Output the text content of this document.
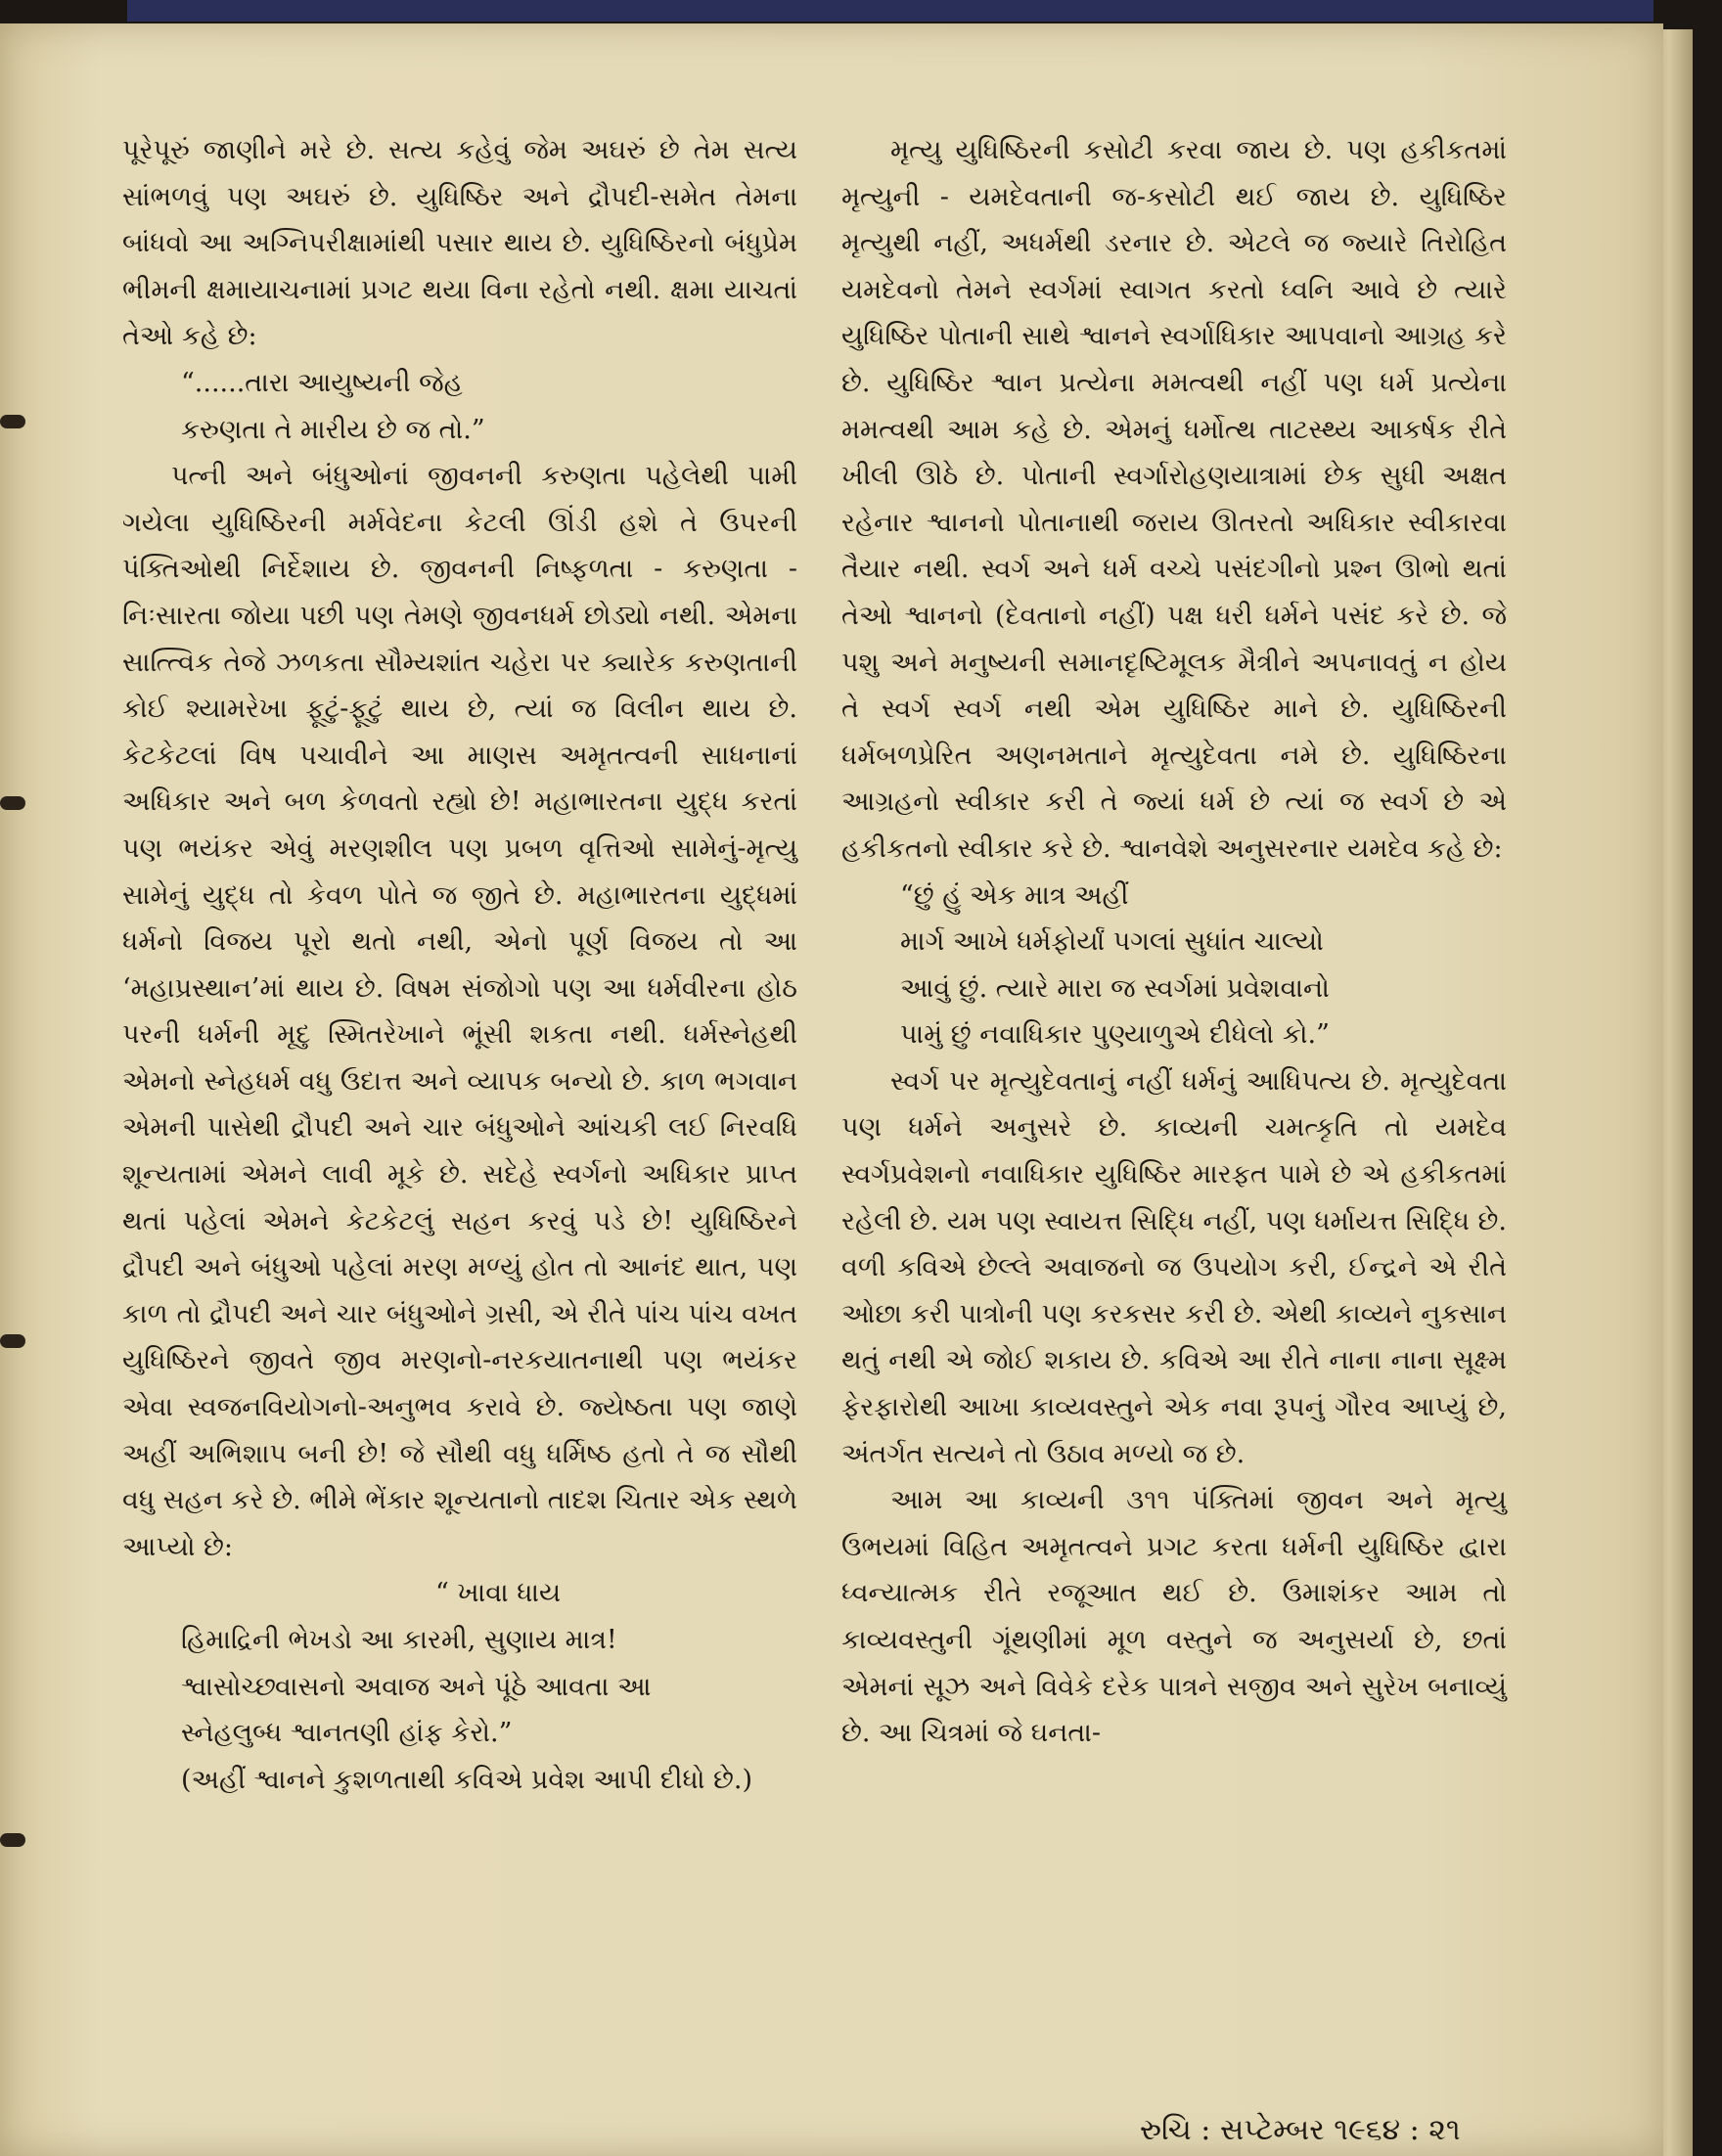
પૂરેપૂરું જાણીને મરે છે. સત્ય કહેવું જેમ અઘરું છે તેમ સત્ય સાંભળવું પણ અઘરું છે. યુધિષ્ઠિર અને દ્રૌપદી-સમેત તેમના બાંધવો આ અગ્નિપરીક્ષામાંથી પસાર થાય છે. યુધિષ્ઠિરનો બંધુપ્રેમ ભીમની ક્ષમાયાચનામાં પ્રગટ થયા વિના રહેતો નથી. ક્ષમા યાચતાં તેઓ કહે છે:

“......તારા આયુષ્યની જેહ
કરુણતા તે મારીય છે જ તો.”

પત્ની અને બંધુઓનાં જીવનની કરુણતા પહેલેથી પામી ગયેલા યુધિષ્ઠિરની મર્મવેદના કેટલી ઊંડી હશે તે ઉપરની પંક્તિઓથી નિર્દેશાય છે. જીવનની નિષ્ફળતા - કરુણતા - નિઃસારતા જોયા પછી પણ તેમણે જીવનધર્મ છોડ્યો નથી. એમના સાત્ત્વિક તેજે ઝળકતા સૌમ્યશાંત ચહેરા પર ક્યારેક કરુણતાની કોઈ શ્યામરેખા ફૂટું-ફૂટું થાય છે, ત્યાં જ વિલીન થાય છે. કેટકેટલાં વિષ પચાવીને આ માણસ અમૃતત્વની સાધનાનાં અધિકાર અને બળ કેળવતો રહ્યો છે! મહાભારતના યુદ્ધ કરતાં પણ ભયંકર એવું મરણશીલ પણ પ્રબળ વૃત્તિઓ સામેનું-મૃત્યુ સામેનું યુદ્ધ તો કેવળ પોતે જ જીતે છે. મહાભારતના યુદ્ધમાં ધર્મનો વિજય પૂરો થતો નથી, એનો પૂર્ણ વિજય તો આ ‘મહાપ્રસ્થાન’માં થાય છે. વિષમ સંજોગો પણ આ ધર્મવીરના હોઠ પરની ધર્મની મૃદુ સ્મિતરેખાને ભૂંસી શકતા નથી. ધર્મસ્નેહથી એમનો સ્નેહધર્મ વધુ ઉદાત્ત અને વ્યાપક બન્યો છે. કાળ ભગવાન એમની પાસેથી દ્રૌપદી અને ચાર બંધુઓને આંચકી લઈ નિરવધિ શૂન્યતામાં એમને લાવી મૂકે છે. સદેહે સ્વર્ગનો અધિકાર પ્રાપ્ત થતાં પહેલાં એમને કેટકેટલું સહન કરવું પડે છે! યુધિષ્ઠિરને દ્રૌપદી અને બંધુઓ પહેલાં મરણ મળ્યું હોત તો આનંદ થાત, પણ કાળ તો દ્રૌપદી અને ચાર બંધુઓને ગ્રસી, એ રીતે પાંચ પાંચ વખત યુધિષ્ઠિરને જીવતે જીવ મરણનો-નરકયાતનાથી પણ ભયંકર એવા સ્વજનવિયોગનો-અનુભવ કરાવે છે. જ્યેષ્ઠતા પણ જાણે અહીં અભિશાપ બની છે! જે સૌથી વધુ ધર્મિષ્ઠ હતો તે જ સૌથી વધુ સહન કરે છે. ભીમે ભેંકાર શૂન્યતાનો તાદશ ચિતાર એક સ્થળે આપ્યો છે:

“ ખાવા ધાય
હિમાદ્રિની ભેખડો આ કારમી, સુણાય માત્ર!
શ્વાસોચ્છ્વાસનો અવાજ અને પૂંઠે આવતા આ
સ્નેહલુબ્ધ શ્વાનતણી હાંફ કેરો.”
(અહીં શ્વાનને કુશળતાથી કવિએ પ્રવેશ આપી દીધો છે.)

મૃત્યુ યુધિષ્ઠિરની કસોટી કરવા જાય છે. પણ હકીકતમાં મૃત્યુની - યમદેવતાની જ-કસોટી થઈ જાય છે. યુધિષ્ઠિર મૃત્યુથી નહીં, અધર્મથી ડરનાર છે. એટલે જ જ્યારે તિરોહિત યમદેવનો તેમને સ્વર્ગમાં સ્વાગત કરતો ધ્વનિ આવે છે ત્યારે યુધિષ્ઠિર પોતાની સાથે શ્વાનને સ્વર્ગાધિકાર આપવાનો આગ્રહ કરે છે. યુધિષ્ઠિર શ્વાન પ્રત્યેના મમત્વથી નહીં પણ ધર્મ પ્રત્યેના મમત્વથી આમ કહે છે. એમનું ધર્મોત્થ તાટસ્થ્ય આકર્ષક રીતે ખીલી ઊઠે છે. પોતાની સ્વર્ગારોહણયાત્રામાં છેક સુધી અક્ષત રહેનાર શ્વાનનો પોતાનાથી જરાય ઊતરતો અધિકાર સ્વીકારવા તૈયાર નથી. સ્વર્ગ અને ધર્મ વચ્ચે પસંદગીનો પ્રશ્ન ઊભો થતાં તેઓ શ્વાનનો (દેવતાનો નહીં) પક્ષ ધરી ધર્મને પસંદ કરે છે. જે પશુ અને મનુષ્યની સમાનદૃષ્ટિમૂલક મૈત્રીને અપનાવતું ન હોય તે સ્વર્ગ સ્વર્ગ નથી એમ યુધિષ્ઠિર માને છે. યુધિષ્ઠિરની ધર્મબળપ્રેરિત અણનમતાને મૃત્યુદેવતા નમે છે. યુધિષ્ઠિરના આગ્રહનો સ્વીકાર કરી તે જ્યાં ધર્મ છે ત્યાં જ સ્વર્ગ છે એ હકીકતનો સ્વીકાર કરે છે. શ્વાનવેશે અનુસરનાર યમદેવ કહે છે:

“છું હું એક માત્ર અહીં
માર્ગ આખે ધર્મફોર્યાં પગલાં સુધાંત ચાલ્યો
આવું છું. ત્યારે મારા જ સ્વર્ગમાં પ્રવેશવાનો
પામું છું નવાધિકાર પુણ્યાળુએ દીધેલો કો.”

સ્વર્ગ પર મૃત્યુદેવતાનું નહીં ધર્મનું આધિપત્ય છે. મૃત્યુદેવતા પણ ધર્મને અનુસરે છે. કાવ્યની ચમત્કૃતિ તો યમદેવ સ્વર્ગપ્રવેશનો નવાધિકાર યુધિષ્ઠિર મારફત પામે છે એ હકીકતમાં રહેલી છે. યમ પણ સ્વાયત્ત સિદ્ધિ નહીં, પણ ધર્માયત્ત સિદ્ધિ છે. વળી કવિએ છેલ્લે અવાજનો જ ઉપયોગ કરી, ઈન્દ્રને એ રીતે ઓછા કરી પાત્રોની પણ કરકસર કરી છે. એથી કાવ્યને નુકસાન થતું નથી એ જોઈ શકાય છે. કવિએ આ રીતે નાના નાના સૂક્ષ્મ ફેરફારોથી આખા કાવ્યવસ્તુને એક નવા રૂપનું ગૌરવ આપ્યું છે, અંતર્ગત સત્યને તો ઉઠાવ મળ્યો જ છે.

આમ આ કાવ્યની ૩૧૧ પંક્તિમાં જીવન અને મૃત્યુ ઉભયમાં વિહિત અમૃતત્વને પ્રગટ કરતા ધર્મની યુધિષ્ઠિર દ્વારા ધ્વન્યાત્મક રીતે રજૂઆત થઈ છે. ઉમાશંકર આમ તો કાવ્યવસ્તુની ગૂંથણીમાં મૂળ વસ્તુને જ અનુસર્યા છે, છતાં એમનાં સૂઝ અને વિવેકે દરેક પાત્રને સજીવ અને સુરેખ બનાવ્યું છે. આ ચિત્રમાં જે ઘનતા-

રુચિ : સપ્ટેમ્બર ૧૯૬૪ : ૨૧
